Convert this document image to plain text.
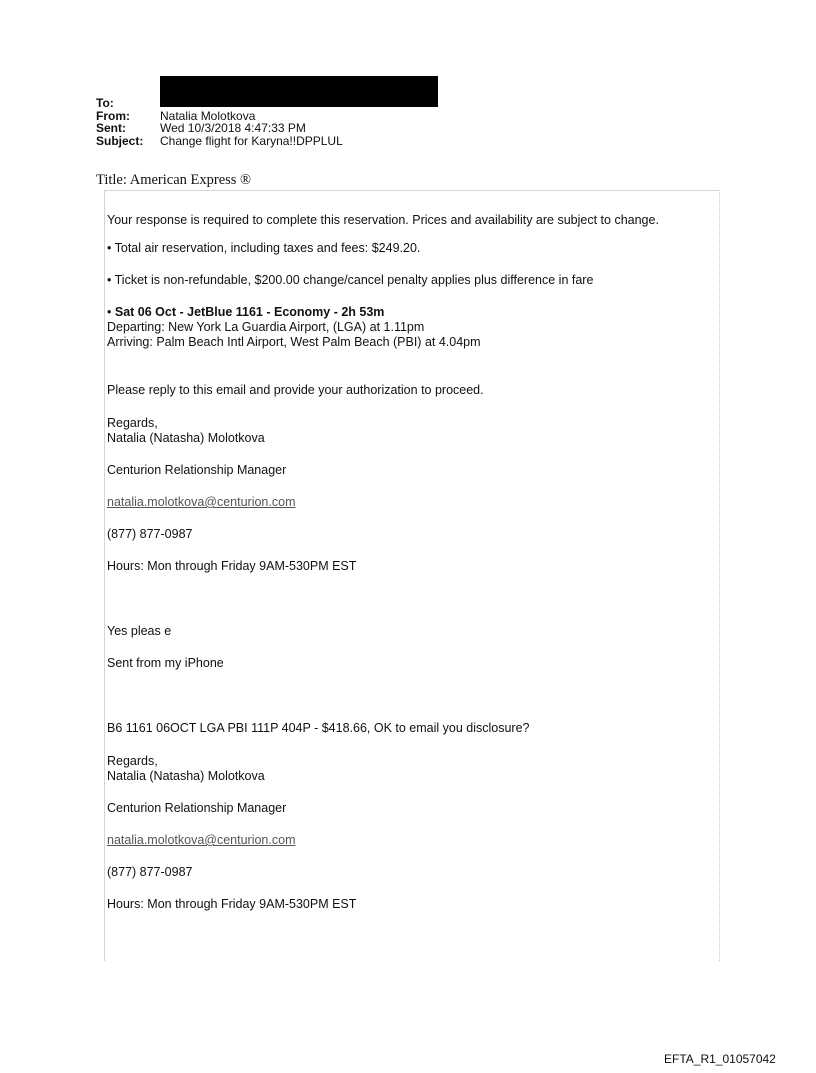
To:
From:	Natalia Molotkova
Sent:	Wed 10/3/2018 4:47:33 PM
Subject:	Change flight for Karyna!!DPPLUL
Title: American Express ®

Your response is required to complete this reservation. Prices and availability are subject to change.

• Total air reservation, including taxes and fees: $249.20.

• Ticket is non-refundable, $200.00 change/cancel penalty applies plus difference in fare

• Sat 06 Oct - JetBlue 1161 - Economy - 2h 53m

Departing: New York La Guardia Airport, (LGA) at 1.11pm

Arriving: Palm Beach Intl Airport, West Palm Beach (PBI) at 4.04pm

Please reply to this email and provide your authorization to proceed.

Regards,

Natalia (Natasha) Molotkova

Centurion Relationship Manager

natalia.molotkova@centurion.com

(877) 877-0987

Hours: Mon through Friday 9AM-530PM EST

Yes pleas e

Sent from my iPhone

B6 1161 06OCT LGA PBI 111P 404P - $418.66, OK to email you disclosure?

Regards,

Natalia (Natasha) Molotkova

Centurion Relationship Manager

natalia.molotkova@centurion.com

(877) 877-0987

Hours: Mon through Friday 9AM-530PM EST

EFTA_R1_01057042
